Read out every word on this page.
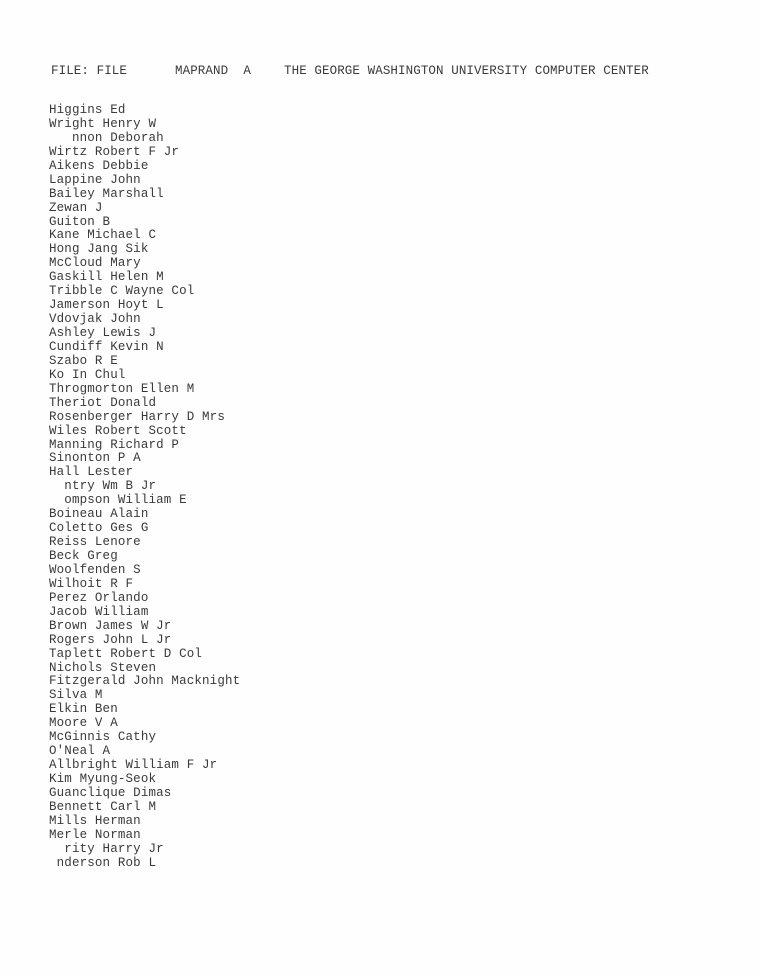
FILE: FILE	MAPRAND  A	THE GEORGE WASHINGTON UNIVERSITY COMPUTER CENTER
Higgins Ed
Wright Henry W
nnon Deborah
Wirtz Robert F Jr
Aikens Debbie
Lappine John
Bailey Marshall
Zewan J
Guiton B
Kane Michael C
Hong Jang Sik
McCloud Mary
Gaskill Helen M
Tribble C Wayne Col
Jamerson Hoyt L
Vdovjak John
Ashley Lewis J
Cundiff Kevin N
Szabo R E
Ko In Chul
Throgmorton Ellen M
Theriot Donald
Rosenberger Harry D Mrs
Wiles Robert Scott
Manning Richard P
Sinonton P A
Hall Lester
ntry Wm B Jr
ompson William E
Boineau Alain
Coletto Ges G
Reiss Lenore
Beck Greg
Woolfenden S
Wilhoit R F
Perez Orlando
Jacob William
Brown James W Jr
Rogers John L Jr
Taplett Robert D Col
Nichols Steven
Fitzgerald John Macknight
Silva M
Elkin Ben
Moore V A
McGinnis Cathy
O'Neal A
Allbright William F Jr
Kim Myung-Seok
Guanclique Dimas
Bennett Carl M
Mills Herman
Merle Norman
rity Harry Jr
nderson Rob L
